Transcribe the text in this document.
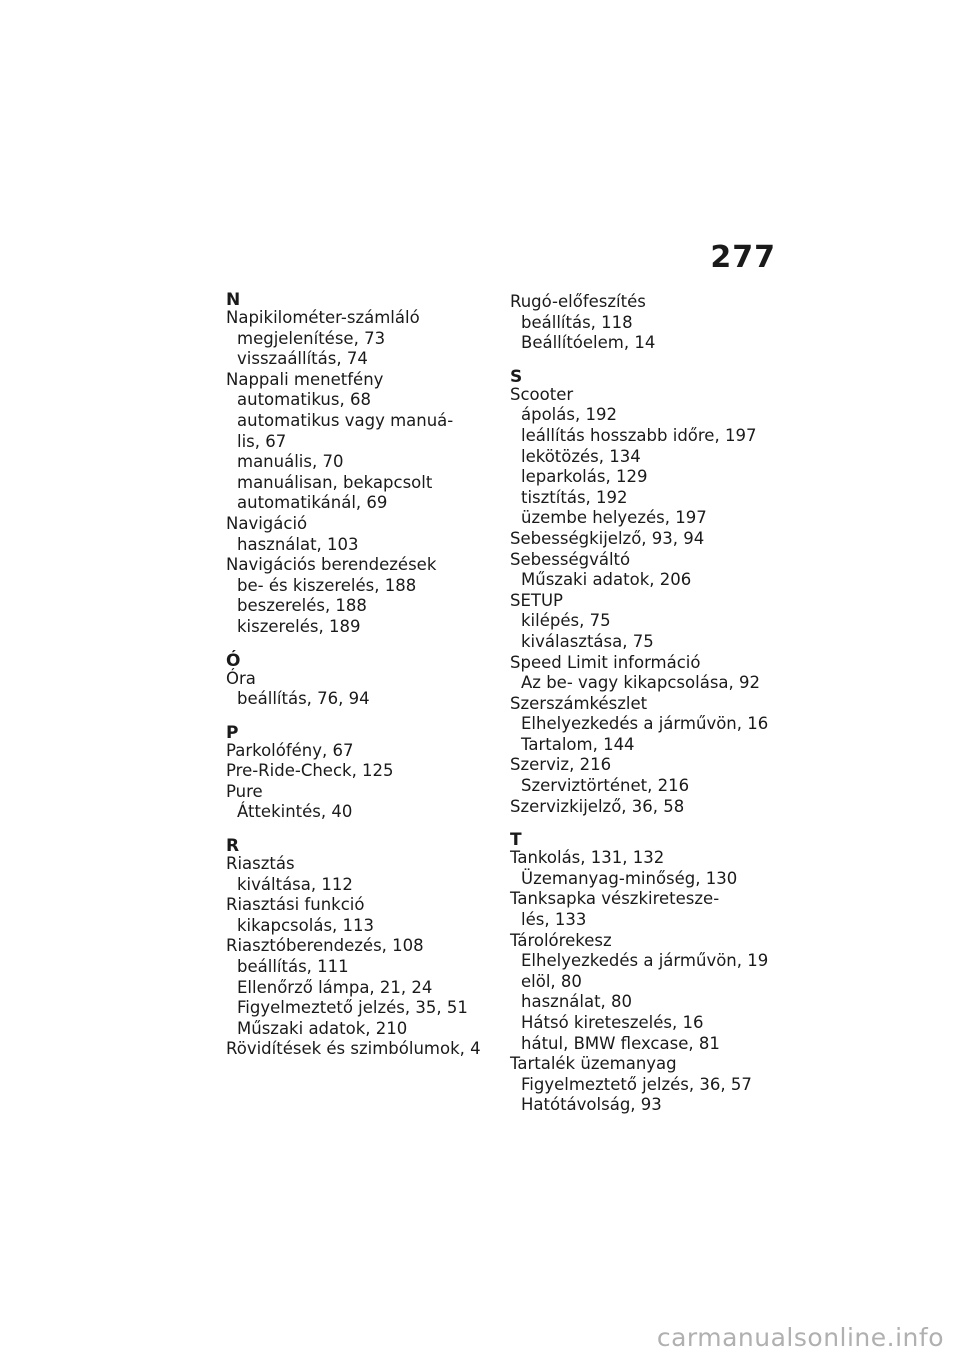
277
N
Napikilométer-számláló
megjelenítése, 73
visszaállítás, 74
Nappali menetfény
automatikus, 68
automatikus vagy manuá-
lis, 67
manuális, 70
manuálisan, bekapcsolt
automatikánál, 69
Navigáció
használat, 103
Navigációs berendezések
be- és kiszerelés, 188
beszerelés, 188
kiszerelés, 189
Ó
Óra
beállítás, 76, 94
P
Parkolófény, 67
Pre-Ride-Check, 125
Pure
Áttekintés, 40
R
Riasztás
kiváltása, 112
Riasztási funkció
kikapcsolás, 113
Riasztóberendezés, 108
beállítás, 111
Ellenőrző lámpa, 21, 24
Figyelmeztető jelzés, 35, 51
Műszaki adatok, 210
Rövidítések és szimbólumok, 4
Rugó-előfeszítés
beállítás, 118
Beállítóelem, 14
S
Scooter
ápolás, 192
leállítás hosszabb időre, 197
lekötözés, 134
leparkolás, 129
tisztítás, 192
üzembe helyezés, 197
Sebességkijelző, 93, 94
Sebességváltó
Műszaki adatok, 206
SETUP
kilépés, 75
kiválasztása, 75
Speed Limit információ
Az be- vagy kikapcsolása, 92
Szerszámkészlet
Elhelyezkedés a járművön, 16
Tartalom, 144
Szerviz, 216
Szerviztörténet, 216
Szervizkijelző, 36, 58
T
Tankolás, 131, 132
Üzemanyag-minőség, 130
Tanksapka vészkiretesze-
lés, 133
Tárolórekesz
Elhelyezkedés a járművön, 19
elöl, 80
használat, 80
Hátsó kireteszelés, 16
hátul, BMW flexcase, 81
Tartalék üzemanyag
Figyelmeztető jelzés, 36, 57
Hatótávolság, 93
carmanualsonline.info
